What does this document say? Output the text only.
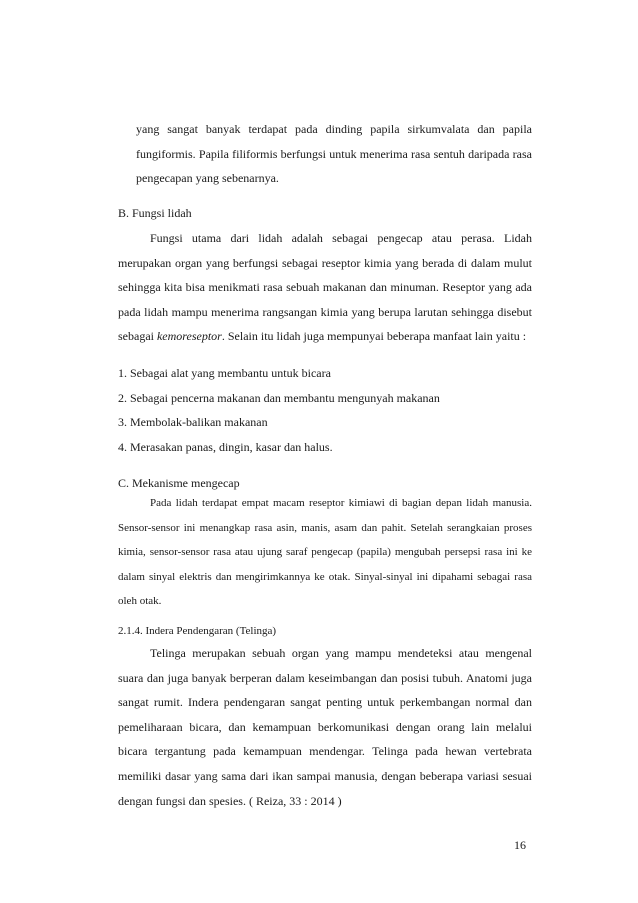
yang sangat banyak terdapat pada dinding papila sirkumvalata dan papila fungiformis. Papila filiformis berfungsi untuk menerima rasa sentuh daripada rasa pengecapan yang sebenarnya.

B. Fungsi lidah

Fungsi utama dari lidah adalah sebagai pengecap atau perasa. Lidah merupakan organ yang berfungsi sebagai reseptor kimia yang berada di dalam mulut sehingga kita bisa menikmati rasa sebuah makanan dan minuman. Reseptor yang ada pada lidah mampu menerima rangsangan kimia yang berupa larutan sehingga disebut sebagai kemoreseptor. Selain itu lidah juga mempunyai beberapa manfaat lain yaitu :

1. Sebagai alat yang membantu untuk bicara
2. Sebagai pencerna makanan dan membantu mengunyah makanan
3. Membolak-balikan makanan
4. Merasakan panas, dingin, kasar dan halus.

C. Mekanisme mengecap

Pada lidah terdapat empat macam reseptor kimiawi di bagian depan lidah manusia. Sensor-sensor ini menangkap rasa asin, manis, asam dan pahit. Setelah serangkaian proses kimia, sensor-sensor rasa atau ujung saraf pengecap (papila) mengubah persepsi rasa ini ke dalam sinyal elektris dan mengirimkannya ke otak. Sinyal-sinyal ini dipahami sebagai rasa oleh otak.

2.1.4. Indera Pendengaran (Telinga)

Telinga merupakan sebuah organ yang mampu mendeteksi atau mengenal suara dan juga banyak berperan dalam keseimbangan dan posisi tubuh. Anatomi juga sangat rumit. Indera pendengaran sangat penting untuk perkembangan normal dan pemeliharaan bicara, dan kemampuan berkomunikasi dengan orang lain melalui bicara tergantung pada kemampuan mendengar. Telinga pada hewan vertebrata memiliki dasar yang sama dari ikan sampai manusia, dengan beberapa variasi sesuai dengan fungsi dan spesies. ( Reiza, 33 : 2014 )

16
